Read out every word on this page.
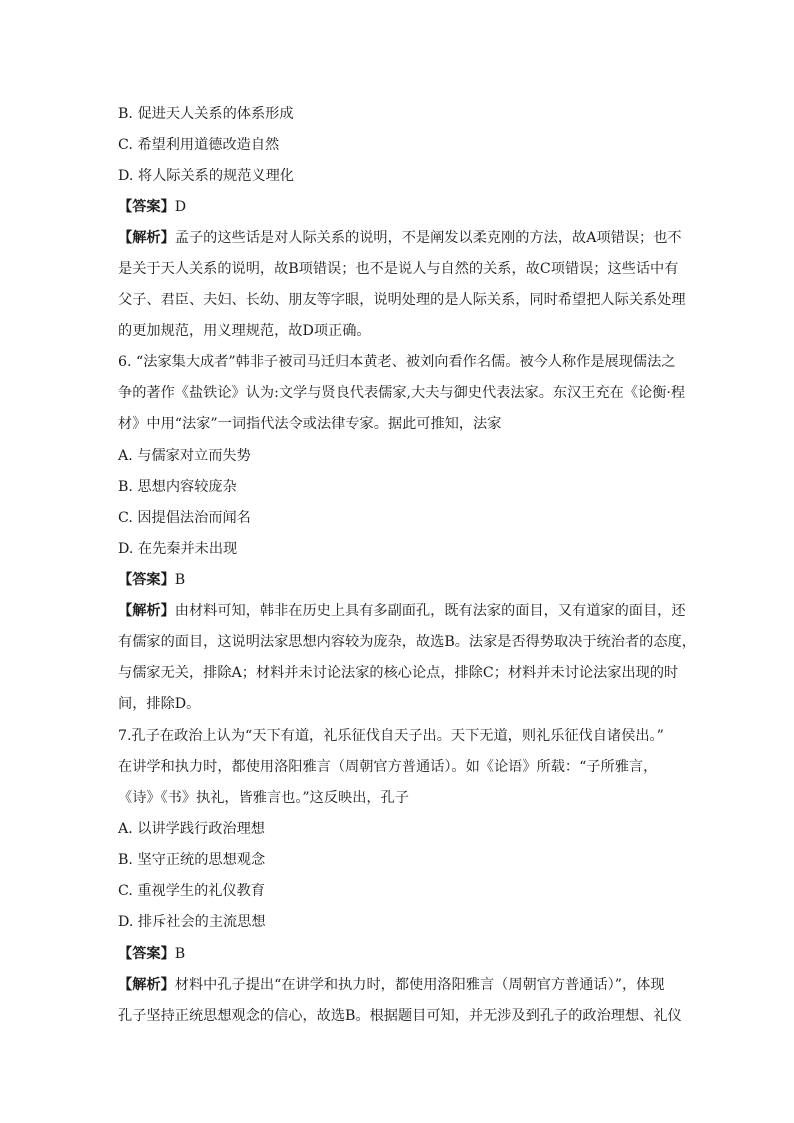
B. 促进天人关系的体系形成
C. 希望利用道德改造自然
D. 将人际关系的规范义理化
【答案】D
【解析】孟子的这些话是对人际关系的说明，不是阐发以柔克刚的方法，故A项错误；也不
是关于天人关系的说明，故B项错误；也不是说人与自然的关系，故C项错误；这些话中有
父子、君臣、夫妇、长幼、朋友等字眼，说明处理的是人际关系，同时希望把人际关系处理
的更加规范，用义理规范，故D项正确。
6. “法家集大成者”韩非子被司马迁归本黄老、被刘向看作名儒。被今人称作是展现儒法之
争的著作《盐铁论》认为:文学与贤良代表儒家,大夫与御史代表法家。东汉王充在《论衡·程
材》中用“法家”一词指代法令或法律专家。据此可推知，法家
A. 与儒家对立而失势
B. 思想内容较庞杂
C. 因提倡法治而闻名
D. 在先秦并未出现
【答案】B
【解析】由材料可知，韩非在历史上具有多副面孔，既有法家的面目，又有道家的面目，还
有儒家的面目，这说明法家思想内容较为庞杂，故选B。法家是否得势取决于统治者的态度，
与儒家无关，排除A；材料并未讨论法家的核心论点，排除C；材料并未讨论法家出现的时
间，排除D。
7.孔子在政治上认为“天下有道，礼乐征伐自天子出。天下无道，则礼乐征伐自诸侯出。”
在讲学和执力时，都使用洛阳雅言（周朝官方普通话）。如《论语》所载：“子所雅言，
《诗》《书》执礼，皆雅言也。”这反映出，孔子
A. 以讲学践行政治理想
B. 坚守正统的思想观念
C. 重视学生的礼仪教育
D. 排斥社会的主流思想
【答案】B
【解析】材料中孔子提出“在讲学和执力时，都使用洛阳雅言（周朝官方普通话）”，体现
孔子坚持正统思想观念的信心，故选B。根据题目可知，并无涉及到孔子的政治理想、礼仪
